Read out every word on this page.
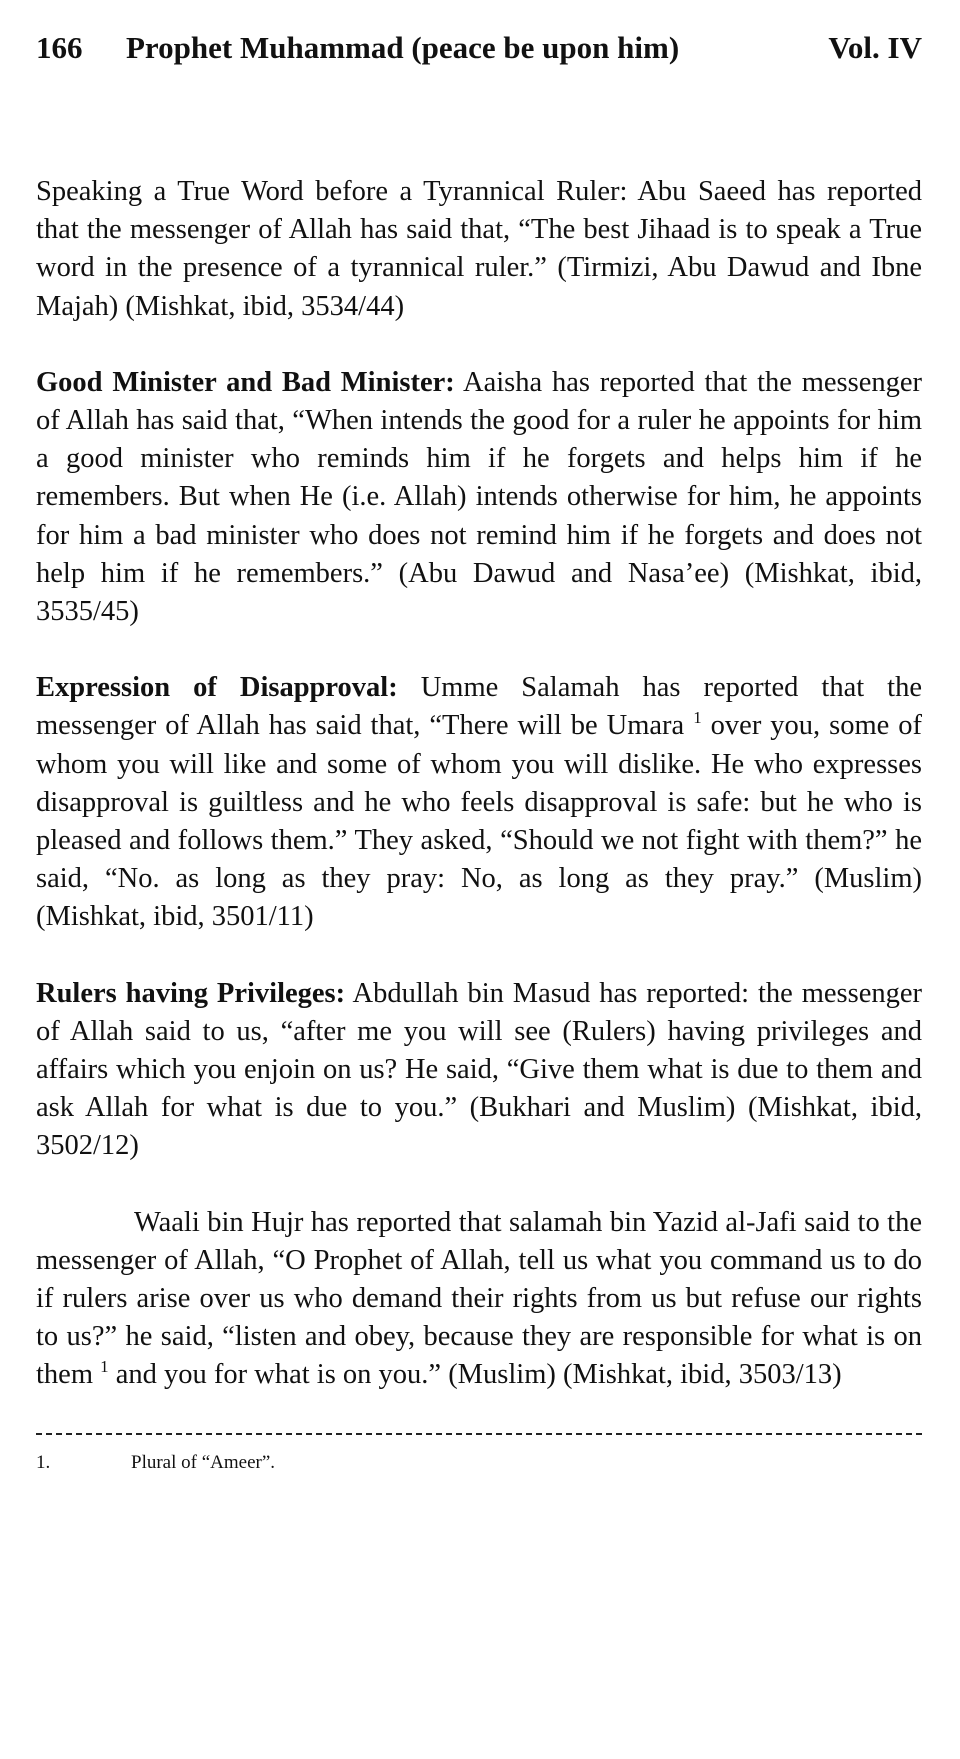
166	Prophet Muhammad (peace be upon him)	Vol. IV

Speaking a True Word before a Tyrannical Ruler: Abu Saeed has reported that the messenger of Allah has said that, “The best Jihaad is to speak a True word in the presence of a tyrannical ruler.” (Tirmizi, Abu Dawud and Ibne Majah) (Mishkat, ibid, 3534/44)

Good Minister and Bad Minister: Aaisha has reported that the messenger of Allah has said that, “When intends the good for a ruler he appoints for him a good minister who reminds him if he forgets and helps him if he remembers. But when He (i.e. Allah) intends otherwise for him, he appoints for him a bad minister who does not remind him if he forgets and does not help him if he remembers.” (Abu Dawud and Nasa’ee) (Mishkat, ibid, 3535/45)

Expression of Disapproval: Umme Salamah has reported that the messenger of Allah has said that, “There will be Umara $^1$ over you, some of whom you will like and some of whom you will dislike. He who expresses disapproval is guiltless and he who feels disapproval is safe: but he who is pleased and follows them.” They asked, “Should we not fight with them?” he said, “No. as long as they pray: No, as long as they pray.” (Muslim) (Mishkat, ibid, 3501/11)

Rulers having Privileges: Abdullah bin Masud has reported: the messenger of Allah said to us, “after me you will see (Rulers) having privileges and affairs which you enjoin on us? He said, “Give them what is due to them and ask Allah for what is due to you.” (Bukhari and Muslim) (Mishkat, ibid, 3502/12)

Waali bin Hujr has reported that salamah bin Yazid al-Jafi said to the messenger of Allah, “O Prophet of Allah, tell us what you command us to do if rulers arise over us who demand their rights from us but refuse our rights to us?” he said, “listen and obey, because they are responsible for what is on them $^1$ and you for what is on you.” (Muslim) (Mishkat, ibid, 3503/13)

1.	Plural of “Ameer”.
